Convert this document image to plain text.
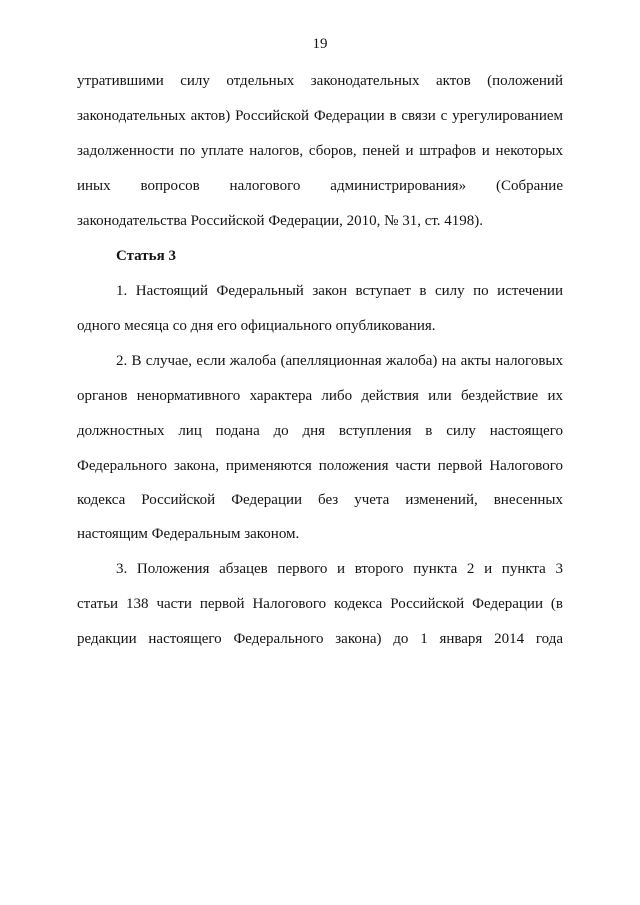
19
утратившими силу отдельных законодательных актов (положений
законодательных актов) Российской Федерации в связи с урегулированием
задолженности по уплате налогов, сборов, пеней и штрафов и некоторых
иных вопросов налогового администрирования» (Собрание
законодательства Российской Федерации, 2010, № 31, ст. 4198).
Статья 3
1. Настоящий Федеральный закон вступает в силу по истечении
одного месяца со дня его официального опубликования.
2. В случае, если жалоба (апелляционная жалоба) на акты налоговых
органов ненормативного характера либо действия или бездействие их
должностных лиц подана до дня вступления в силу настоящего
Федерального закона, применяются положения части первой Налогового
кодекса Российской Федерации без учета изменений, внесенных
настоящим Федеральным законом.
3. Положения абзацев первого и второго пункта 2 и пункта 3
статьи 138 части первой Налогового кодекса Российской Федерации (в
редакции настоящего Федерального закона) до 1 января 2014 года
